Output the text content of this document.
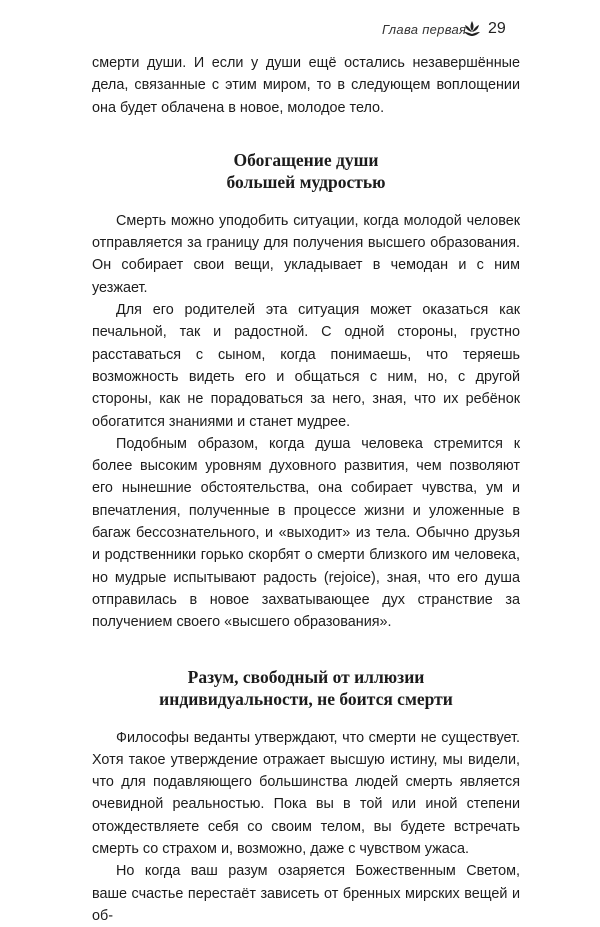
Глава первая 29

смерти души. И если у души ещё остались незавершённые дела, связанные с этим миром, то в следующем воплощении она будет облачена в новое, молодое тело.

Обогащение души
большей мудростью

Смерть можно уподобить ситуации, когда молодой человек отправляется за границу для получения высшего образования. Он собирает свои вещи, укладывает в чемодан и с ним уезжает.

Для его родителей эта ситуация может оказаться как печальной, так и радостной. С одной стороны, грустно расставаться с сыном, когда понимаешь, что теряешь возможность видеть его и общаться с ним, но, с другой стороны, как не порадоваться за него, зная, что их ребёнок обогатится знаниями и станет мудрее.

Подобным образом, когда душа человека стремится к более высоким уровням духовного развития, чем позволяют его нынешние обстоятельства, она собирает чувства, ум и впечатления, полученные в процессе жизни и уложенные в багаж бессознательного, и «выходит» из тела. Обычно друзья и родственники горько скорбят о смерти близкого им человека, но мудрые испытывают радость (rejoice), зная, что его душа отправилась в новое захватывающее дух странствие за получением своего «высшего образования».

Разум, свободный от иллюзии
индивидуальности, не боится смерти

Философы веданты утверждают, что смерти не существует. Хотя такое утверждение отражает высшую истину, мы видели, что для подавляющего большинства людей смерть является очевидной реальностью. Пока вы в той или иной степени отождествляете себя со своим телом, вы будете встречать смерть со страхом и, возможно, даже с чувством ужаса.

Но когда ваш разум озаряется Божественным Светом, ваше счастье перестаёт зависеть от бренных мирских вещей и об-
